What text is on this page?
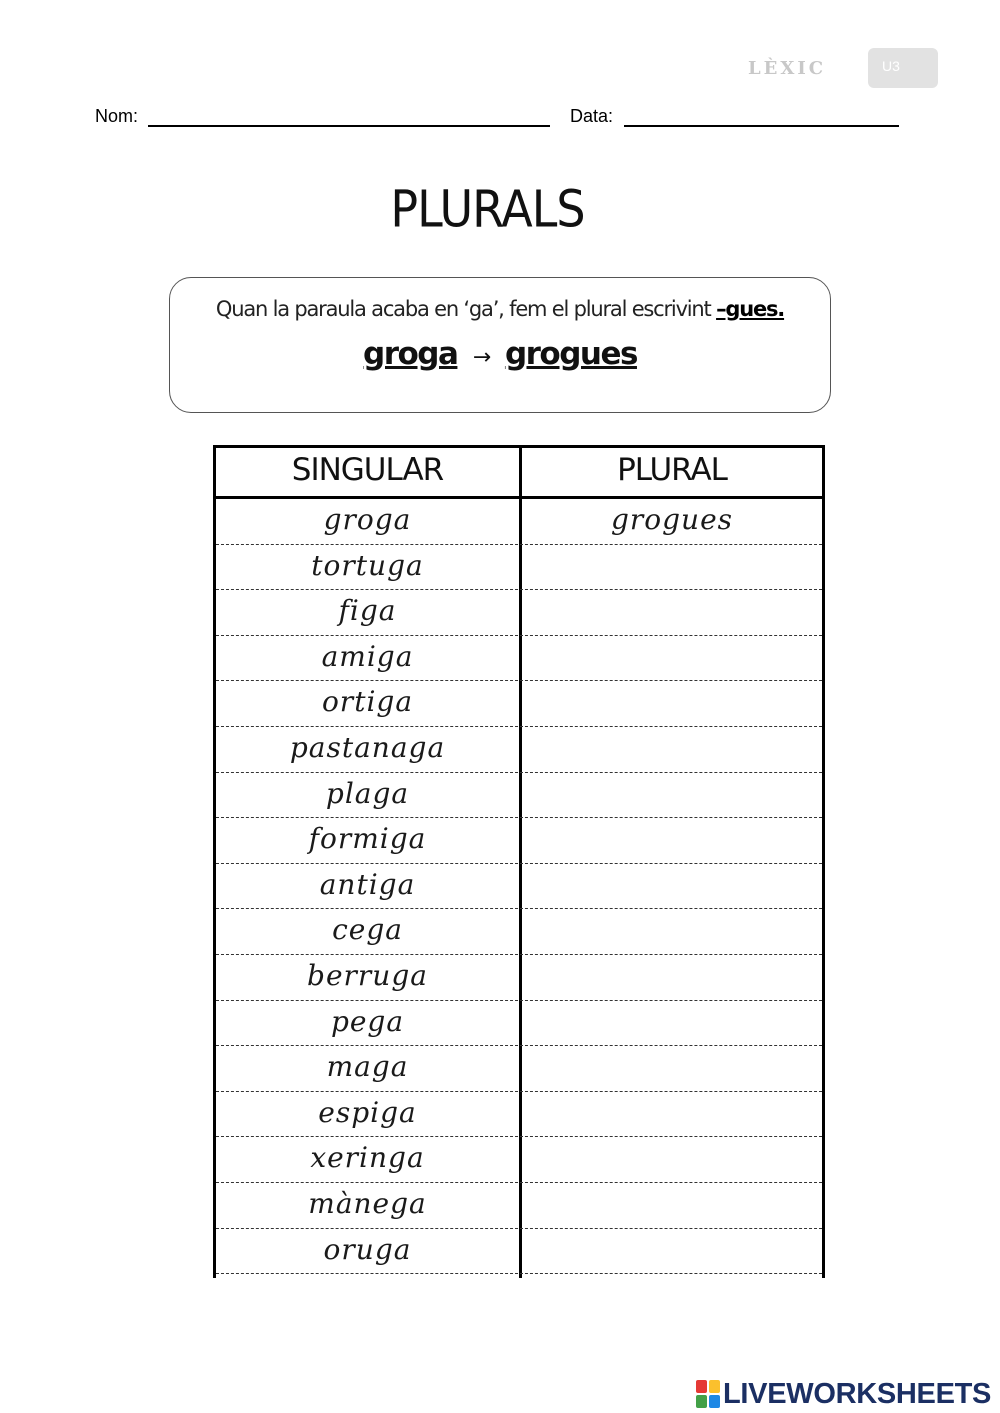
LÈXIC	U3
Nom:	Data:
PLURALS
Quan la paraula acaba en ‘ga’, fem el plural escrivint –gues.
groga → grogues
SINGULAR	PLURAL
groga	grogues
tortuga
figa
amiga
ortiga
pastanaga
plaga
formiga
antiga
cega
berruga
pega
maga
espiga
xeringa
mànega
oruga
LIVEWORKSHEETS
